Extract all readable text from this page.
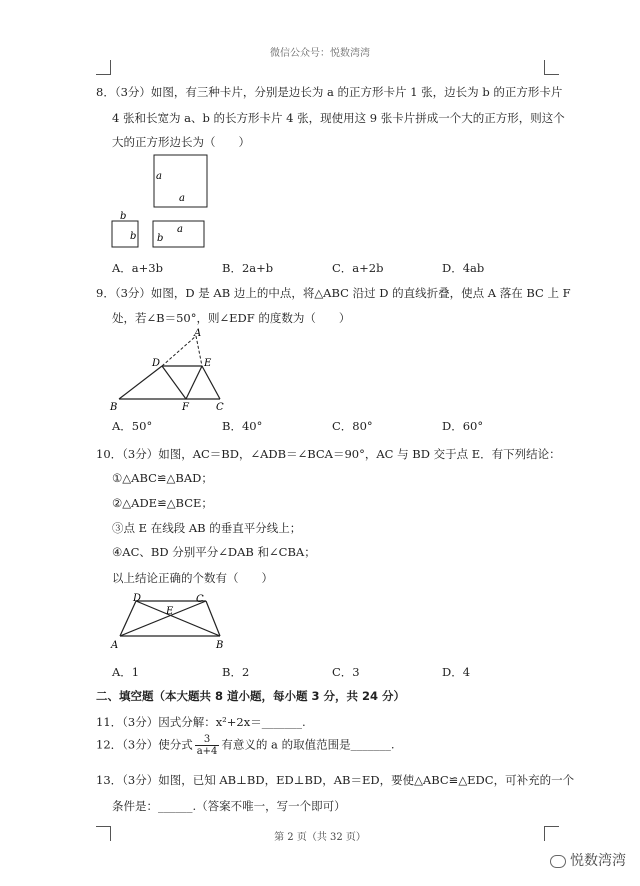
微信公众号：悦数湾湾
8．（3分）如图，有三种卡片，分别是边长为 a 的正方形卡片 1 张，边长为 b 的正方形卡片
4 张和长宽为 a、b 的长方形卡片 4 张，现使用这 9 张卡片拼成一个大的正方形，则这个
大的正方形边长为（　　）
a
a
b
b
a
b
A．a+3b	B．2a+b	C．a+2b	D．4ab
9．（3分）如图，D 是 AB 边上的中点，将△ABC 沿过 D 的直线折叠，使点 A 落在 BC 上 F
处，若∠B＝50°，则∠EDF 的度数为（　　）
A
B	C
D	E
F
A．50°	B．40°	C．80°	D．60°
10．（3分）如图，AC＝BD，∠ADB＝∠BCA＝90°，AC 与 BD 交于点 E．有下列结论：
①△ABC≌△BAD；
②△ADE≌△BCE；
③点 E 在线段 AB 的垂直平分线上；
④AC、BD 分别平分∠DAB 和∠CBA；
以上结论正确的个数有（　　）
A	B
C
D
E
A．1	B．2	C．3	D．4
二、填空题（本大题共 8 道小题，每小题 3 分，共 24 分）
11．（3分）因式分解：x²+2x＝_______.
12．（3分）使分式 $\frac{3}{a+4}$ 有意义的 a 的取值范围是_______.
13．（3分）如图，已知 AB⊥BD，ED⊥BD，AB＝ED，要使△ABC≌△EDC，可补充的一个
条件是：______.（答案不唯一，写一个即可）
第 2 页（共 32 页）
悦数湾湾
